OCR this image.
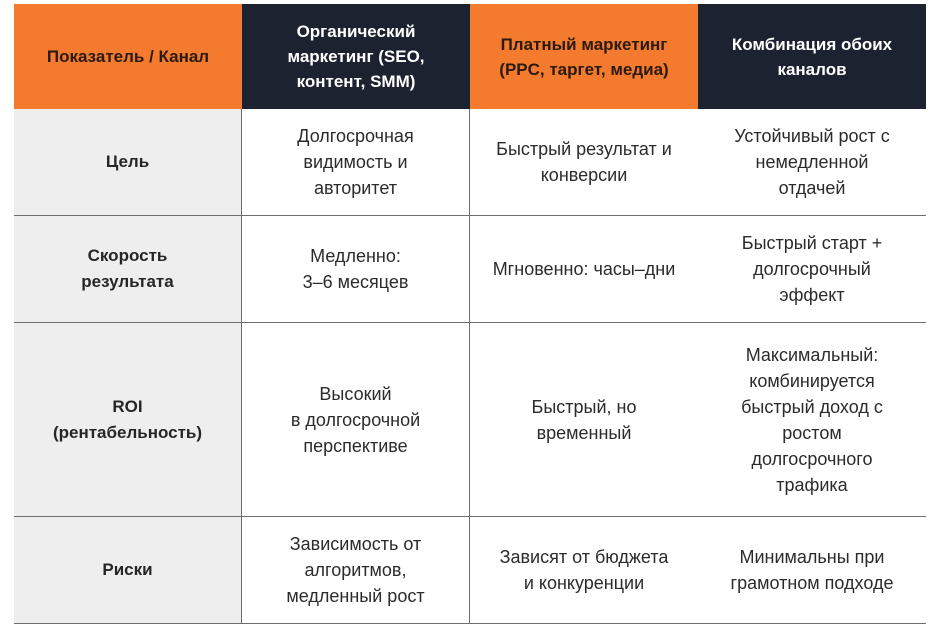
Показатель / Канал
Органический
маркетинг (SEO,
контент, SMM)
Платный маркетинг
(PPC, таргет, медиа)
Комбинация обоих
каналов
Цель
Долгосрочная
видимость и
авторитет
Быстрый результат и
конверсии
Устойчивый рост с
немедленной
отдачей
Скорость
результата
Медленно:
3–6 месяцев
Мгновенно: часы–дни
Быстрый старт +
долгосрочный
эффект
ROI
(рентабельность)
Высокий
в долгосрочной
перспективе
Быстрый, но
временный
Максимальный:
комбинируется
быстрый доход с
ростом
долгосрочного
трафика
Риски
Зависимость от
алгоритмов,
медленный рост
Зависят от бюджета
и конкуренции
Минимальны при
грамотном подходе
